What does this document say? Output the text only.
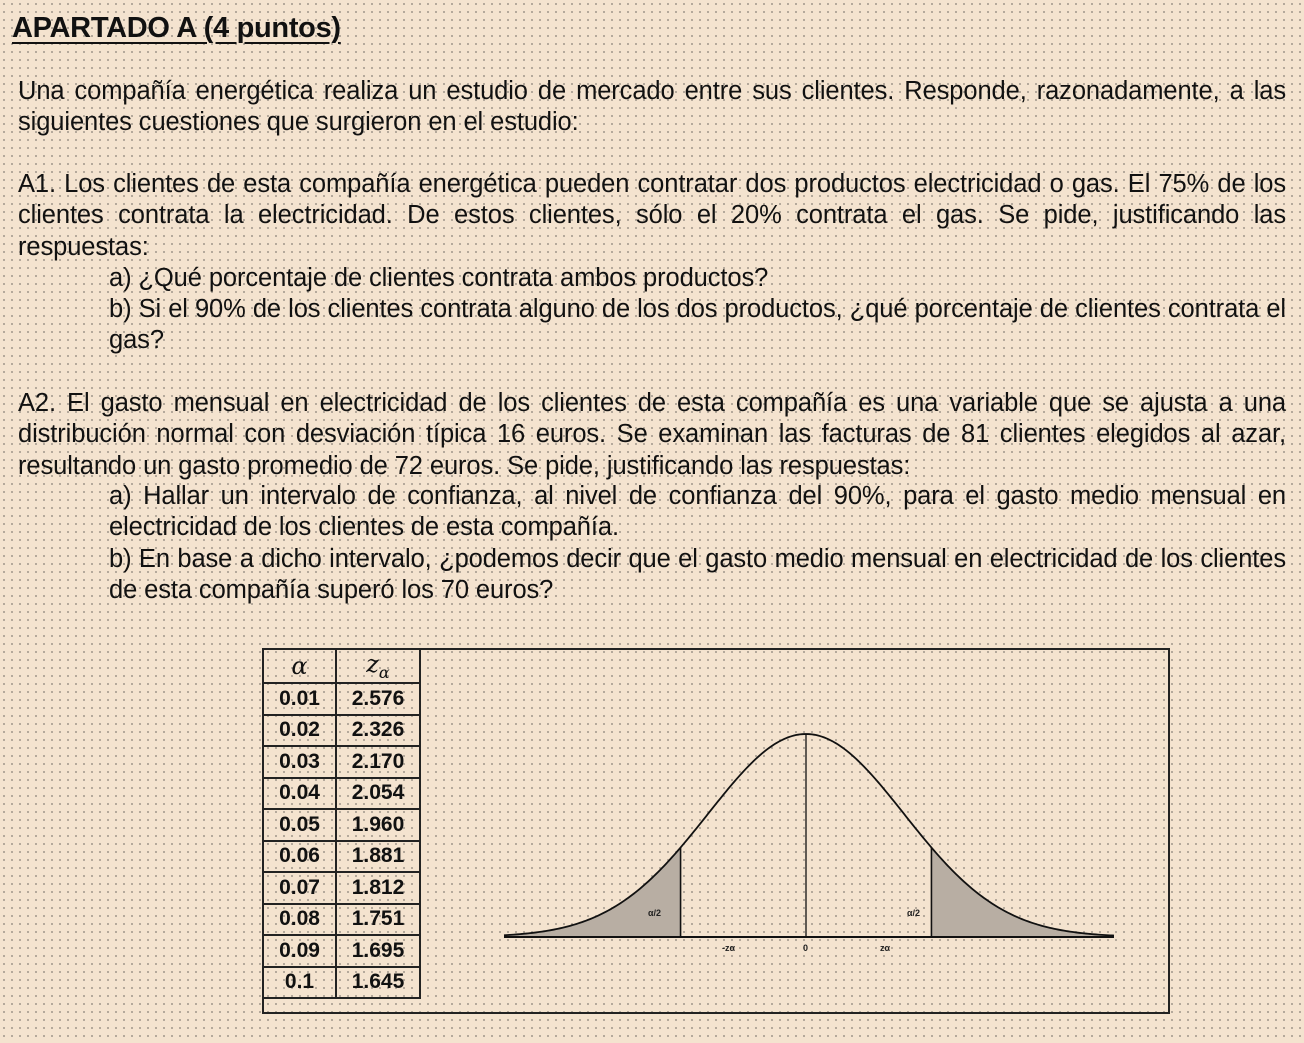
APARTADO A (4 puntos)

Una compañía energética realiza un estudio de mercado entre sus clientes. Responde, razonadamente, a las siguientes cuestiones que surgieron en el estudio:

A1. Los clientes de esta compañía energética pueden contratar dos productos electricidad o gas. El 75% de los clientes contrata la electricidad. De estos clientes, sólo el 20% contrata el gas. Se pide, justificando las respuestas:

a) ¿Qué porcentaje de clientes contrata ambos productos?

b) Si el 90% de los clientes contrata alguno de los dos productos, ¿qué porcentaje de clientes contrata el gas?

A2. El gasto mensual en electricidad de los clientes de esta compañía es una variable que se ajusta a una distribución normal con desviación típica 16 euros. Se examinan las facturas de 81 clientes elegidos al azar, resultando un gasto promedio de 72 euros. Se pide, justificando las respuestas:

a) Hallar un intervalo de confianza, al nivel de confianza del 90%, para el gasto medio mensual en electricidad de los clientes de esta compañía.

b) En base a dicho intervalo, ¿podemos decir que el gasto medio mensual en electricidad de los clientes de esta compañía superó los 70 euros?

α	$z_\alpha$
0.01	2.576
0.02	2.326
0.03	2.170
0.04	2.054
0.05	1.960
0.06	1.881
0.07	1.812
0.08	1.751
0.09	1.695
0.1	1.645
α/2	α/2
-zα	0	zα
